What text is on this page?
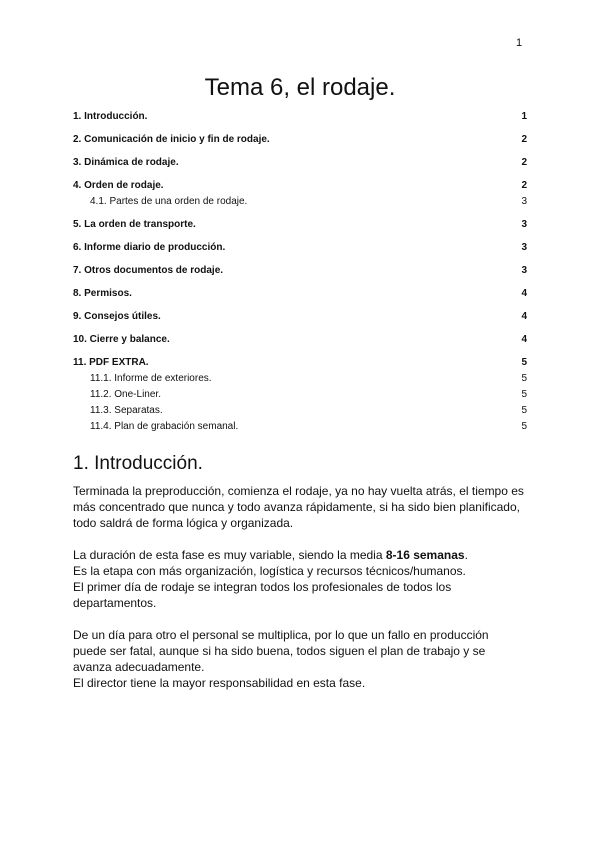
1
Tema 6, el rodaje.
1. Introducción.	1
2. Comunicación de inicio y fin de rodaje.	2
3. Dinámica de rodaje.	2
4. Orden de rodaje.	2
4.1. Partes de una orden de rodaje.	3
5. La orden de transporte.	3
6. Informe diario de producción.	3
7. Otros documentos de rodaje.	3
8. Permisos.	4
9. Consejos útiles.	4
10. Cierre y balance.	4
11. PDF EXTRA.	5
11.1. Informe de exteriores.	5
11.2. One-Liner.	5
11.3. Separatas.	5
11.4. Plan de grabación semanal.	5
1. Introducción.

Terminada la preproducción, comienza el rodaje, ya no hay vuelta atrás, el tiempo es
más concentrado que nunca y todo avanza rápidamente, si ha sido bien planificado,
todo saldrá de forma lógica y organizada.

La duración de esta fase es muy variable, siendo la media 8-16 semanas.
Es la etapa con más organización, logística y recursos técnicos/humanos.
El primer día de rodaje se integran todos los profesionales de todos los
departamentos.

De un día para otro el personal se multiplica, por lo que un fallo en producción
puede ser fatal, aunque si ha sido buena, todos siguen el plan de trabajo y se
avanza adecuadamente.
El director tiene la mayor responsabilidad en esta fase.
